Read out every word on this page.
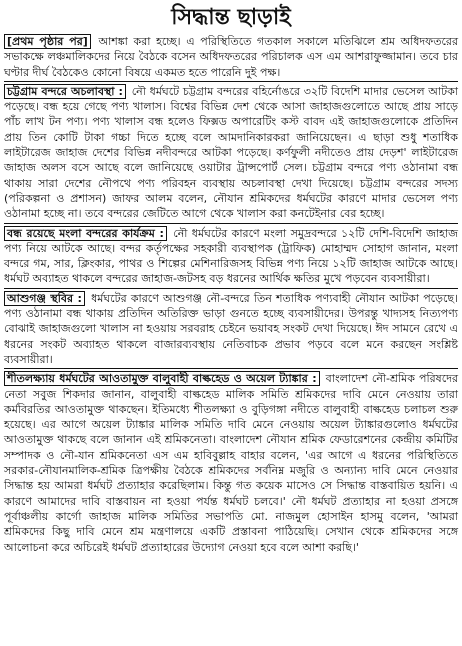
সিদ্ধান্ত ছাড়াই

[প্রথম পৃষ্ঠার পর] আশঙ্কা করা হচ্ছে। এ পরিস্থিতিতে গতকাল সকালে মতিঝিলে শ্রম অধিদফতরের সভাকক্ষে লঞ্চমালিকদের নিয়ে বৈঠকে বসেন অধিদফতরের পরিচালক এস এম আশরাফুজ্জামান। তবে চার ঘণ্টার দীর্ঘ বৈঠকেও কোনো বিষয়ে একমত হতে পারেনি দুই পক্ষ।

চট্টগ্রাম বন্দরে অচলাবস্থা : নৌ ধর্মঘটে চট্টগ্রাম বন্দরের বহির্নোঙরে ৩২টি বিদেশি মাদার ভেসেল আটকা পড়েছে। বন্ধ হয়ে গেছে পণ্য খালাস। বিশ্বের বিভিন্ন দেশ থেকে আসা জাহাজগুলোতে আছে প্রায় সাড়ে পাঁচ লাখ টন পণ্য। পণ্য খালাস বন্ধ হলেও ফিক্সড অপারেটিং কস্ট বাবদ এই জাহাজগুলোকে প্রতিদিন প্রায় তিন কোটি টাকা গচ্চা দিতে হচ্ছে বলে আমদানিকারকরা জানিয়েছেন। এ ছাড়া শুধু শতাধিক লাইটারেজ জাহাজ দেশের বিভিন্ন নদীবন্দরে আটকা পড়েছে। কর্ণফুলী নদীতেও প্রায় দেড়শ' লাইটারেজ জাহাজ অলস বসে আছে বলে জানিয়েছে ওয়াটার ট্রান্সপোর্ট সেল। চট্টগ্রাম বন্দরে পণ্য ওঠানামা বন্ধ থাকায় সারা দেশের নৌপথে পণ্য পরিবহন ব্যবস্থায় অচলাবস্থা দেখা দিয়েছে। চট্টগ্রাম বন্দরের সদস্য (পরিকল্পনা ও প্রশাসন) জাফর আলম বলেন, নৌযান শ্রমিকদের ধর্মঘটের কারণে মাদার ভেসেল পণ্য ওঠানামা হচ্ছে না। তবে বন্দরের জেটিতে আগে থেকে খালাস করা কনটেইনার বের হচ্ছে।

বন্ধ রয়েছে মংলা বন্দরের কার্যক্রম : নৌ ধর্মঘটের কারণে মংলা সমুদ্রবন্দরে ১২টি দেশি-বিদেশি জাহাজ পণ্য নিয়ে আটকে আছে। বন্দর কর্তৃপক্ষের সহকারী ব্যবস্থাপক (ট্রাফিক) মোহাম্মদ সোহাগ জানান, মংলা বন্দরে গম, সার, ক্লিংকার, পাথর ও শিল্পের মেশিনারিজসহ বিভিন্ন পণ্য নিয়ে ১২টি জাহাজ আটকে আছে। ধর্মঘট অব্যাহত থাকলে বন্দরের জাহাজ-জটসহ বড় ধরনের আর্থিক ক্ষতির মুখে পড়বেন ব্যবসায়ীরা।

আশুগঞ্জ স্থবির : ধর্মঘটের কারণে আশুগঞ্জ নৌ-বন্দরে তিন শতাধিক পণ্যবাহী নৌযান আটকা পড়েছে। পণ্য ওঠানামা বন্ধ থাকায় প্রতিদিন অতিরিক্ত ভাড়া গুনতে হচ্ছে ব্যবসায়ীদের। উপরন্তু খাদ্যসহ নিত্যপণ্য বোঝাই জাহাজগুলো খালাস না হওয়ায় সরবরাহ চেইনে ভয়াবহ সংকট দেখা দিয়েছে। ঈদ সামনে রেখে এ ধরনের সংকট অব্যাহত থাকলে বাজারব্যবস্থায় নেতিবাচক প্রভাব পড়বে বলে মনে করছেন সংশ্লিষ্ট ব্যবসায়ীরা।

শীতলক্ষ্যায় ধর্মঘটের আওতামুক্ত বালুবাহী বাল্কহেড ও অয়েল ট্যাঙ্কার : বাংলাদেশ নৌ-শ্রমিক পরিষদের নেতা সবুজ শিকদার জানান, বালুবাহী বাল্কহেড মালিক সমিতি শ্রমিকদের দাবি মেনে নেওয়ায় তারা কর্মবিরতির আওতামুক্ত থাকছেন। ইতিমধ্যে শীতলক্ষ্যা ও বুড়িগঙ্গা নদীতে বালুবাহী বাল্কহেড চলাচল শুরু হয়েছে। এর আগে অয়েল ট্যাঙ্কার মালিক সমিতি দাবি মেনে নেওয়ায় অয়েল ট্যাঙ্কারগুলোও ধর্মঘটের আওতামুক্ত থাকছে বলে জানান এই শ্রমিকনেতা। বাংলাদেশ নৌযান শ্রমিক ফেডারেশনের কেন্দ্রীয় কমিটির সম্পাদক ও নৌ-যান শ্রমিকনেতা এস এম হাবিবুল্লাহ বাহার বলেন, 'এর আগে এ ধরনের পরিস্থিতিতে সরকার-নৌযানমালিক-শ্রমিক ত্রিপক্ষীয় বৈঠকে শ্রমিকদের সর্বনিম্ন মজুরি ও অন্যান্য দাবি মেনে নেওয়ার সিদ্ধান্ত হয় আমরা ধর্মঘট প্রত্যাহার করেছিলাম। কিন্তু গত কয়েক মাসেও সে সিদ্ধান্ত বাস্তবায়িত হয়নি। এ কারণে আমাদের দাবি বাস্তবায়ন না হওয়া পর্যন্ত ধর্মঘট চলবে।' নৌ ধর্মঘট প্রত্যাহার না হওয়া প্রসঙ্গে পূর্বাঞ্চলীয় কার্গো জাহাজ মালিক সমিতির সভাপতি মো. নাজমুল হোসাইন হাসমু বলেন, 'আমরা শ্রমিকদের কিছু দাবি মেনে শ্রম মন্ত্রণালয়ে একটি প্রস্তাবনা পাঠিয়েছি। সেখান থেকে শ্রমিকদের সঙ্গে আলোচনা করে অচিরেই ধর্মঘট প্রত্যাহারের উদ্যোগ নেওয়া হবে বলে আশা করছি।'
